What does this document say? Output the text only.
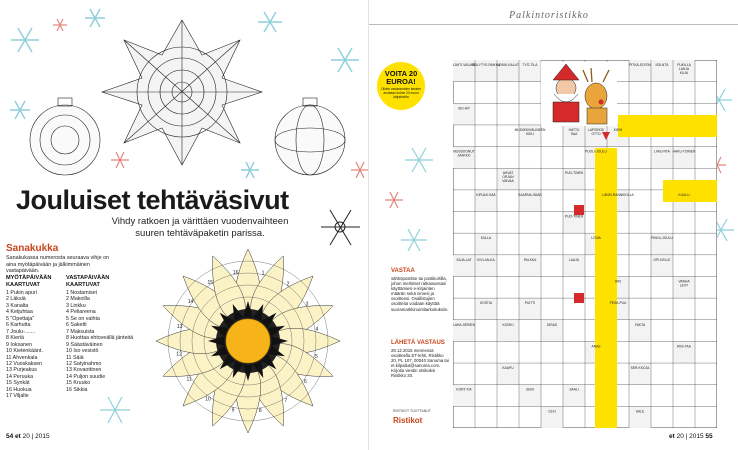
Jouluiset tehtäväsivut
Vihdy ratkoen ja värittäen vuodenvaihteen suuren tehtäväpaketin parissa.
Sanakukka
Sanakukassa numerosta seuraava vihje on aina myötäpäivään ja jälkimmäinen vastapäivään.
MYÖTÄPÄIVÄÄN KAARTUVAT
VASTAPÄIVÄÄN KAARTUVAT
1 Pukin apuri
2 Läksiä
3 Kanalta
4 Ketjuhtaa
5 "Opettaja"
6 Karhutta
7 Joulu-.......
8 Kieriä
9 Ioksanen
10 Kietenkäänt.
11 Ahvenkala
12 Vuoskaksen
13 Purjeakus
14 Peruuka
15 Synkät
16 Huokua
17 Viljalle
1 Nostamiset
2 Makoilla
3 Linkku
4 Peliareena
5 Se on vaihta
6 Saketti
7 Maksuista
8 Huottaa ehtoveällä jänteitä
9 Säästäväinen
10 Iso vesistö
11 Säiä
12 Satyinahmo
13 Kovaottinen
14 Puljon suudie
15 Kruuko
16 Sikkia
1
2
3
4
5
6
7
8
9
10
11
12
13
14
15
16
54 et 20 | 2015
Palkintoristikko
VOITA 20 EUROA!
Oikein vastanneiden kesken arvotaan kolme 20 euron lahjakorttia
LÄHTI-VALMIS
SÄILYTYS-PAIKKA
LEIKKI-KALUT TYÖ-TILA	PITKÄ-SOITIN ISÄ-NTÄ	PUKILLA
LAHJA
KUJA
ISO-ÄIT
MUSIIKKIVÄLINEEN
KIELI
HATTU
SAA
LAPSEKSI
OTTO
KIEHI
MUSSOONUT
JAAKKO
LÄNSI-RANNIKOLLA	KUULU
PUO-TINEN
AHVAT
ORJAN
VAIVAA
KIRJAS-SÄÄ	SAARNA-SÄÄN
PUOLI-JOULU	LIIKU-NTA HAKU-TOINEN
PUO-TINEN
KULLA	LOIVA	PIKKU-JOULU
SAJA-LAT	LAAJA
KOSTIA	PUITTI
LAHA-SERIEN	KIOSKI	DIRAS	FAKTA
SER-KKOJA
KORT-TIA
ANAS	RIIS-TAA
SEIN	SAALI
RIN
PESÄ-PUU
KIVI-JALKA
VANHA
LEVY
OPI-KELLE
PALKKA
KAAPU
OLKI	SALE
VASTAA
sähköpostitse tai postikortilla, johon merkitset ratkaisussasi käyttämiesi e-kirjainten määrän sekä nimesi ja osoitteesi. Osallistujien osoitteita voidaan käyttää suoramarkkinointitarkoituksiin.
LÄHETÄ VASTAUS
28.12.2015 mennessä osoitteella ET-lehti, Ristikko 20, PL 107, 00040 Sanoma tai et.kilpailut@sanoma.com. Kirjoita viestin otsikoksi Ristikko 20.
RISTIKOT TUOTTANUT
Ristikot
et 20 | 2015 55
